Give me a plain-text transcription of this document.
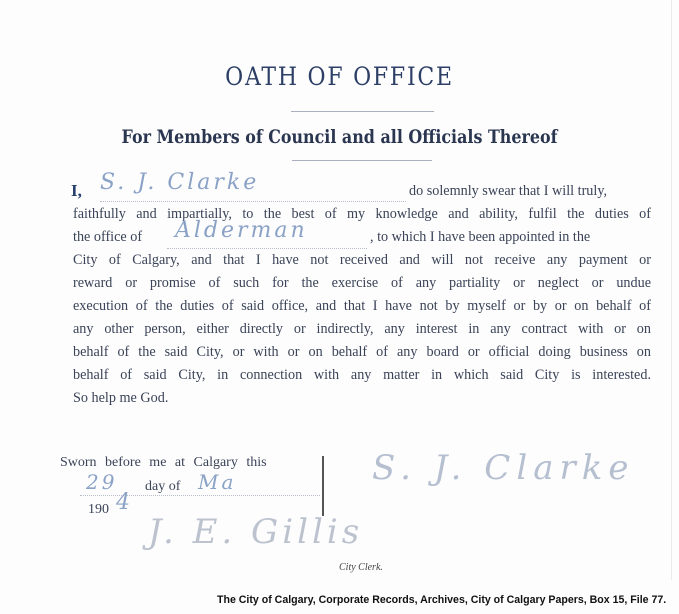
OATH OF OFFICE
For Members of Council and all Officials Thereof
I,	do solemnly swear that I will truly,
S. J. Clarke
faithfully and impartially, to the best of my knowledge and ability, fulfil the duties of
the office of	, to which I have been appointed in the
Alderman
City of Calgary, and that I have not received and will not receive any payment or
reward or promise of such for the exercise of any partiality or neglect or undue
execution of the duties of said office, and that I have not by myself or by or on behalf of
any other person, either directly or indirectly, any interest in any contract with or on
behalf of the said City, or with or on behalf of any board or official doing business on
behalf of said City, in connection with any matter in which said City is interested.
So help me God.
Sworn before me at Calgary this
29 day of Ma
190 4
J. E. Gillis
S. J. Clarke
City Clerk.
The City of Calgary, Corporate Records, Archives, City of Calgary Papers, Box 15, File 77.
